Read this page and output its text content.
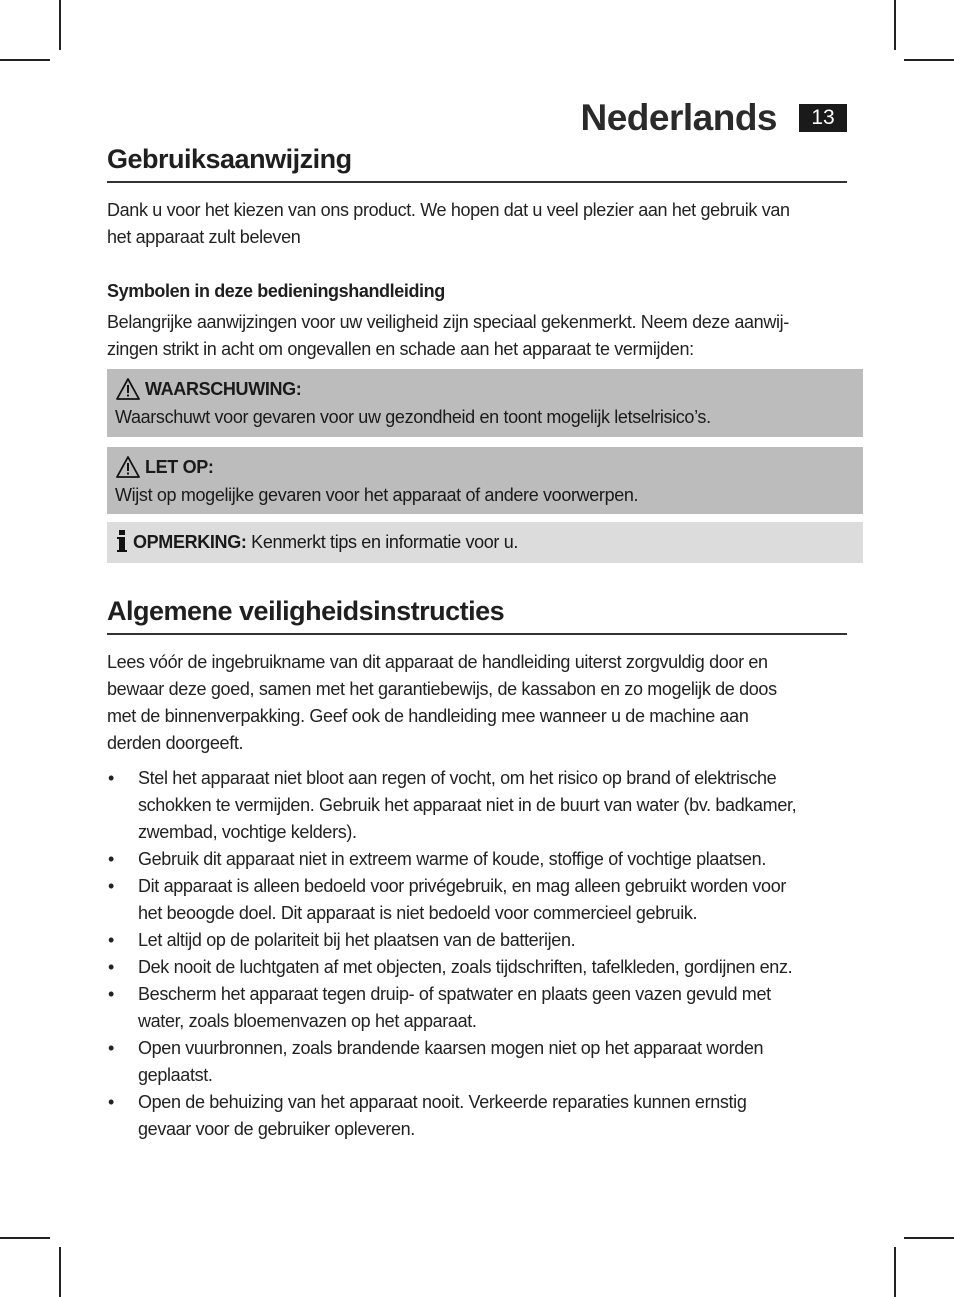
Nederlands	13
Gebruiksaanwijzing
Dank u voor het kiezen van ons product. We hopen dat u veel plezier aan het gebruik van
het apparaat zult beleven
Symbolen in deze bedieningshandleiding
Belangrijke aanwijzingen voor uw veiligheid zijn speciaal gekenmerkt. Neem deze aanwij-
zingen strikt in acht om ongevallen en schade aan het apparaat te vermijden:
WAARSCHUWING:
Waarschuwt voor gevaren voor uw gezondheid en toont mogelijk letselrisico’s.
LET OP:
Wijst op mogelijke gevaren voor het apparaat of andere voorwerpen.
OPMERKING: Kenmerkt tips en informatie voor u.
Algemene veiligheidsinstructies
Lees vóór de ingebruikname van dit apparaat de handleiding uiterst zorgvuldig door en
bewaar deze goed, samen met het garantiebewijs, de kassabon en zo mogelijk de doos
met de binnenverpakking. Geef ook de handleiding mee wanneer u de machine aan
derden doorgeeft.
• Stel het apparaat niet bloot aan regen of vocht, om het risico op brand of elektrische
schokken te vermijden. Gebruik het apparaat niet in de buurt van water (bv. badkamer,
zwembad, vochtige kelders).
• Gebruik dit apparaat niet in extreem warme of koude, stoffige of vochtige plaatsen.
• Dit apparaat is alleen bedoeld voor privégebruik, en mag alleen gebruikt worden voor
het beoogde doel. Dit apparaat is niet bedoeld voor commercieel gebruik.
• Let altijd op de polariteit bij het plaatsen van de batterijen.
• Dek nooit de luchtgaten af met objecten, zoals tijdschriften, tafelkleden, gordijnen enz.
• Bescherm het apparaat tegen druip- of spatwater en plaats geen vazen gevuld met
water, zoals bloemenvazen op het apparaat.
• Open vuurbronnen, zoals brandende kaarsen mogen niet op het apparaat worden
geplaatst.
• Open de behuizing van het apparaat nooit. Verkeerde reparaties kunnen ernstig
gevaar voor de gebruiker opleveren.
